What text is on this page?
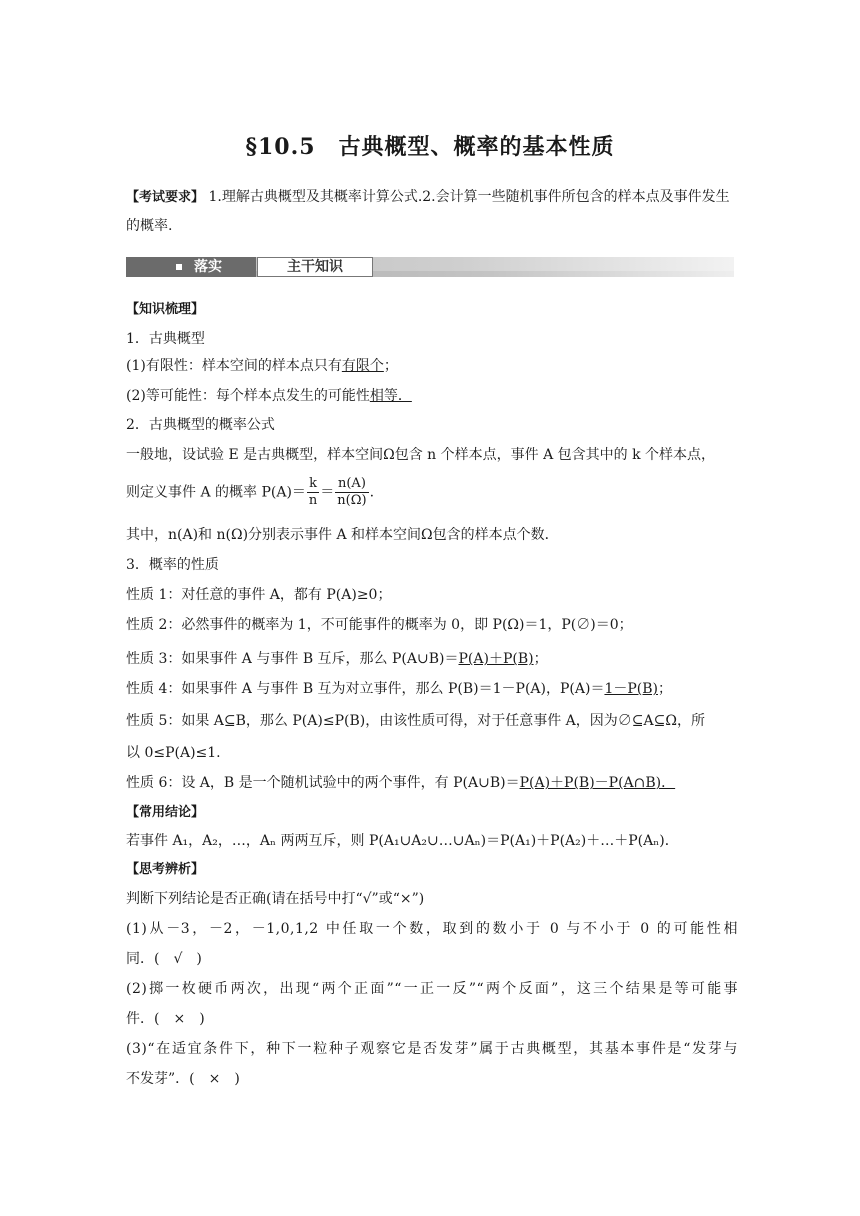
§10.5　古典概型、概率的基本性质
【考试要求】 1.理解古典概型及其概率计算公式.2.会计算一些随机事件所包含的样本点及事件发生的概率.
落实	主干知识
【知识梳理】
1．古典概型
(1)有限性：样本空间的样本点只有有限个；
(2)等可能性：每个样本点发生的可能性相等．
2．古典概型的概率公式
一般地，设试验 E 是古典概型，样本空间Ω包含 n 个样本点，事件 A 包含其中的 k 个样本点，
则定义事件 A 的概率 $P(A)= \frac{k}{n} = \frac{n(A)}{n(\Omega)}$ .
其中，n(A)和 n(Ω)分别表示事件 A 和样本空间Ω包含的样本点个数．
3．概率的性质
性质 1：对任意的事件 A，都有 P(A)≥0；
性质 2：必然事件的概率为 1，不可能事件的概率为 0，即 P(Ω)＝1，P(∅)＝0；
性质 3：如果事件 A 与事件 B 互斥，那么 P(A∪B)＝P(A)＋P(B)；
性质 4：如果事件 A 与事件 B 互为对立事件，那么 P(B)＝1－P(A)，P(A)＝1－P(B)；
性质 5：如果 A⊆B，那么 P(A)≤P(B)，由该性质可得，对于任意事件 A，因为∅⊆A⊆Ω，所
以 0≤P(A)≤1.
性质 6：设 A，B 是一个随机试验中的两个事件，有 P(A∪B)＝P(A)＋P(B)－P(A∩B)．
【常用结论】
若事件 A₁，A₂，…，Aₙ 两两互斥，则 P(A₁∪A₂∪…∪Aₙ)＝P(A₁)＋P(A₂)＋…＋P(Aₙ)．
【思考辨析】
判断下列结论是否正确(请在括号中打“√”或“×”)
(1)从－3，－2，－1,0,1,2 中任取一个数，取到的数小于 0 与不小于 0 的可能性相
同．(　√　)
(2)掷一枚硬币两次，出现“两个正面”“一正一反”“两个反面”，这三个结果是等可能事
件．(　×　)
(3)“在适宜条件下，种下一粒种子观察它是否发芽”属于古典概型，其基本事件是“发芽与
不发芽”．(　×　)
